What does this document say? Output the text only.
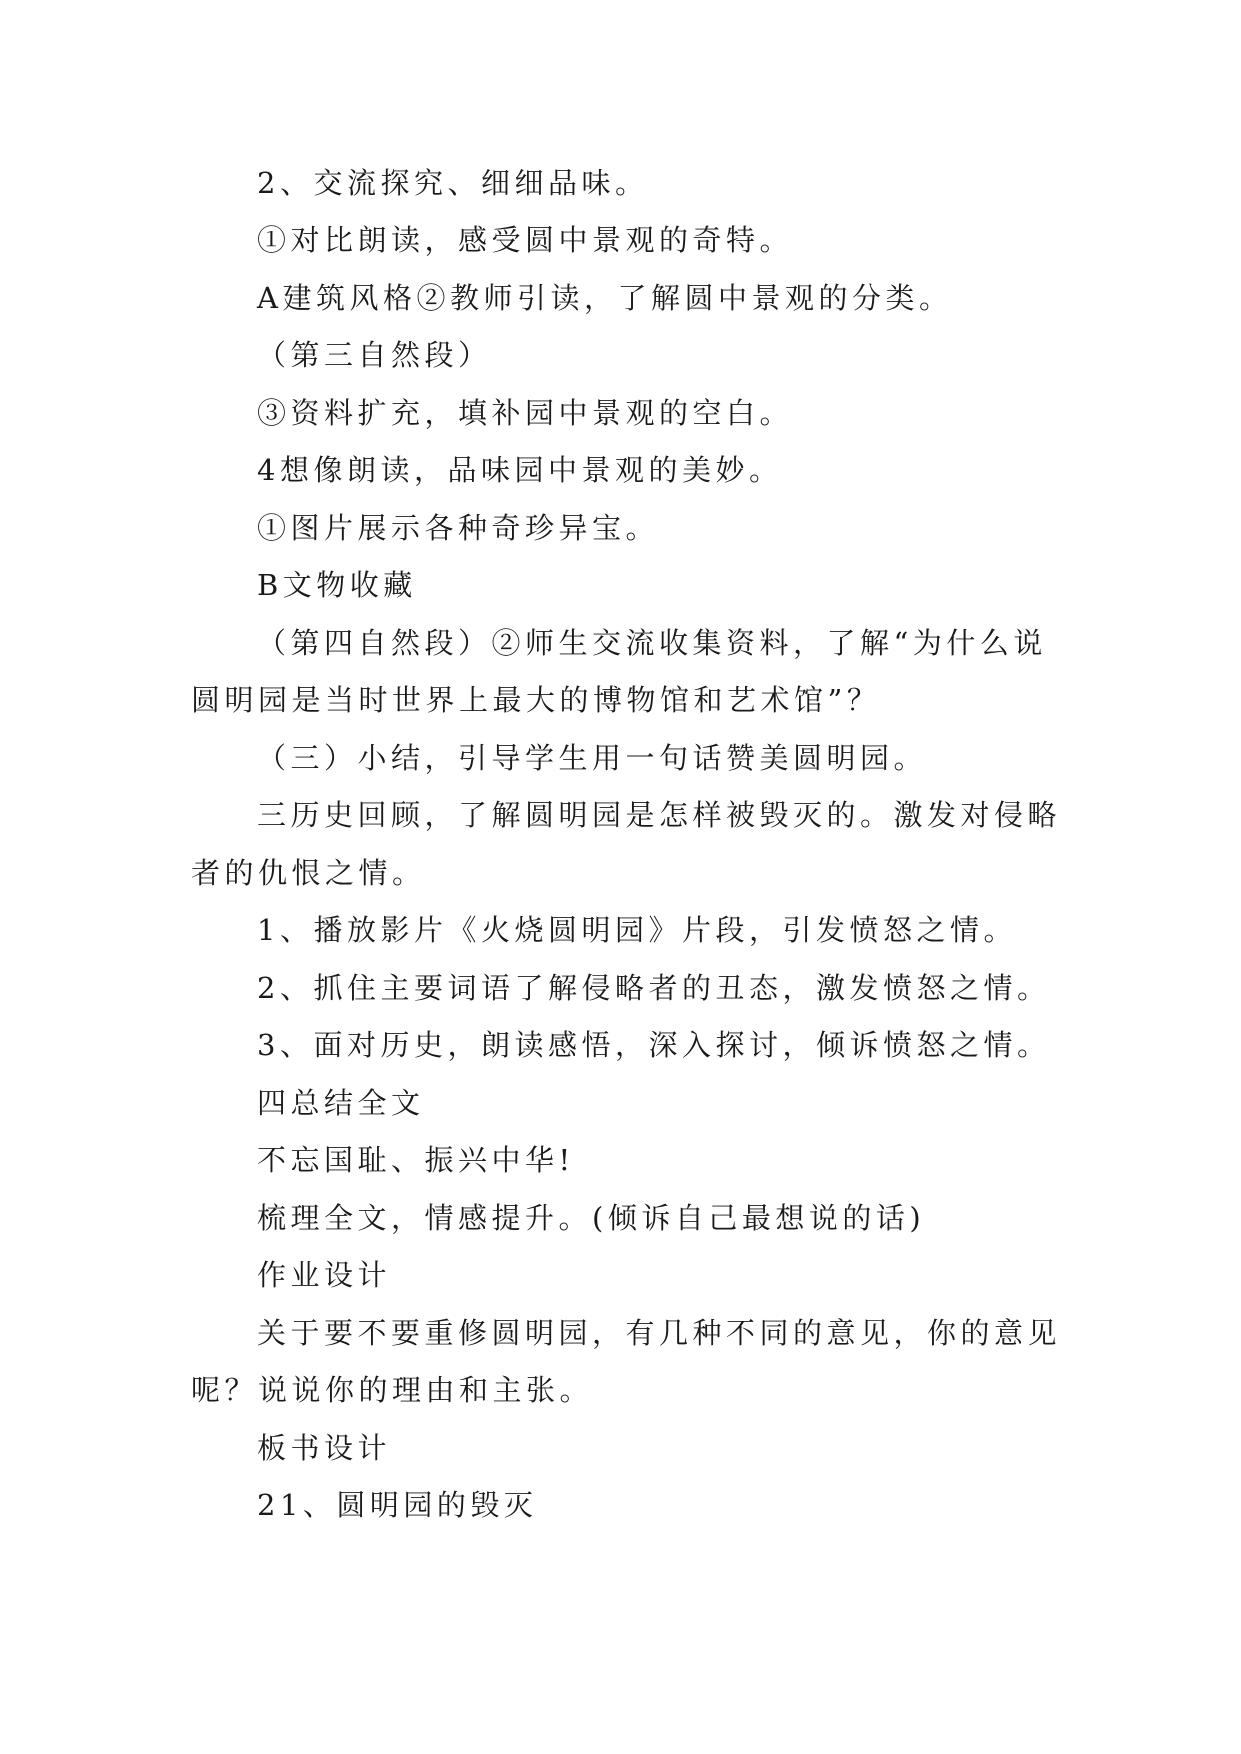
2、交流探究、细细品味。
①对比朗读，感受圆中景观的奇特。
A建筑风格②教师引读，了解圆中景观的分类。
（第三自然段）
③资料扩充，填补园中景观的空白。
4想像朗读，品味园中景观的美妙。
①图片展示各种奇珍异宝。
B文物收藏
（第四自然段）②师生交流收集资料，了解“为什么说
圆明园是当时世界上最大的博物馆和艺术馆”？
（三）小结，引导学生用一句话赞美圆明园。
三历史回顾，了解圆明园是怎样被毁灭的。激发对侵略
者的仇恨之情。
1、播放影片《火烧圆明园》片段，引发愤怒之情。
2、抓住主要词语了解侵略者的丑态，激发愤怒之情。
3、面对历史，朗读感悟，深入探讨，倾诉愤怒之情。
四总结全文
不忘国耻、振兴中华!
梳理全文，情感提升。(倾诉自己最想说的话)
作业设计
关于要不要重修圆明园，有几种不同的意见，你的意见
呢？说说你的理由和主张。
板书设计
21、圆明园的毁灭
